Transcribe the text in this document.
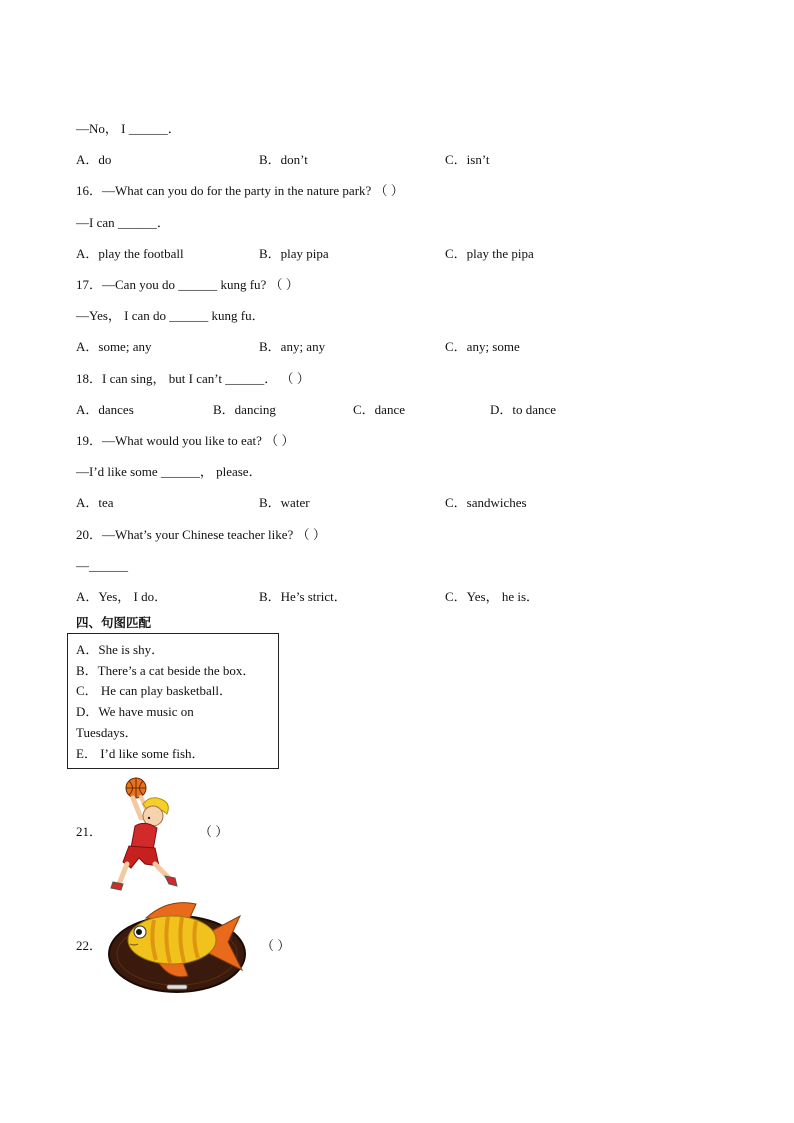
—No， I ______．
A．do	B．don’t	C．isn’t
16．—What can you do for the party in the nature park? （ ）
—I can ______．
A．play the football	B．play pipa	C．play the pipa
17．—Can you do ______ kung fu? （ ）
—Yes， I can do ______ kung fu．
A．some; any	B．any; any	C．any; some
18．I can sing， but I can’t ______． （ ）
A．dances	B．dancing	C．dance	D．to dance
19．—What would you like to eat? （ ）
—I’d like some ______， please．
A．tea	B．water	C．sandwiches
20．—What’s your Chinese teacher like? （ ）
—______
A．Yes， I do．	B．He’s strict．	C．Yes， he is．
四、句图匹配
A．She is shy．
B．There’s a cat beside the box．
C． He can play basketball．
D．We have music on
Tuesdays．
E． I’d like some fish．
21．	（ ）
22．	（ ）
